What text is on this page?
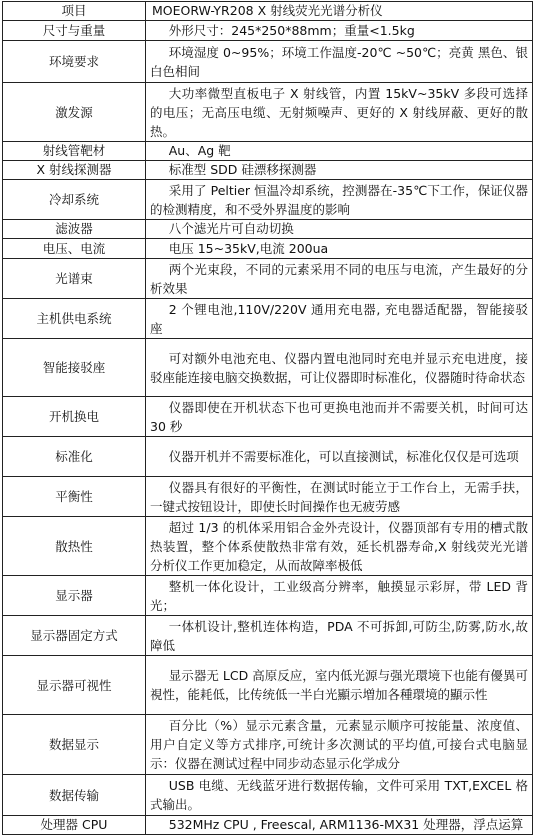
项目	MOEORW-YR208 X 射线荧光光谱分析仪
尺寸与重量	外形尺寸：245*250*88mm；重量<1.5kg
环境要求	环境湿度 0~95%；环境工作温度-20℃ ~50℃；亮黄 黑色、银白色相间
激发源	大功率微型直板电子 X 射线管，内置 15kV~35kV 多段可选择的电压；无高压电缆、无射频噪声、更好的 X 射线屏蔽、更好的散热。
射线管靶材	Au、Ag 靶
X 射线探测器	标准型 SDD 硅漂移探测器
冷却系统	采用了 Peltier 恒温冷却系统，控测器在-35℃下工作，保证仪器的检测精度，和不受外界温度的影响
滤波器	八个滤光片可自动切换
电压、电流	电压 15~35kV,电流 200ua
光谱束	两个光束段，不同的元素采用不同的电压与电流，产生最好的分析效果
主机供电系统	2 个锂电池,110V/220V 通用充电器, 充电器适配器，智能接驳座
智能接驳座	可对额外电池充电、仪器内置电池同时充电并显示充电进度，接驳座能连接电脑交换数据，可让仪器即时标准化，仪器随时待命状态
开机换电	仪器即使在开机状态下也可更换电池而并不需要关机，时间可达 30 秒
标准化	仪器开机并不需要标准化，可以直接测试，标准化仅仅是可选项
平衡性	仪器具有很好的平衡性，在测试时能立于工作台上，无需手扶，一键式按钮设计，即使长时间操作也无疲劳感
散热性	超过 1/3 的机体采用铝合金外壳设计，仪器顶部有专用的槽式散热装置，整个体系使散热非常有效，延长机器寿命,X 射线荧光光谱分析仪工作更加稳定，从而故障率极低
显示器	整机一体化设计，工业级高分辨率，触摸显示彩屏，带 LED 背光；
显示器固定方式	一体机设计,整机连体构造，PDA 不可拆卸,可防尘,防雾,防水,故障低
显示器可视性	显示器无 LCD 高原反应，室内低光源与强光環境下也能有優異可視性，能耗低，比传统低一半白光顯示増加各種環境的顯示性
数据显示	百分比（%）显示元素含量，元素显示顺序可按能量、浓度值、用户自定义等方式排序,可统计多次测试的平均值,可接台式电脑显示：仪器在测试过程中同步动态显示化学成分
数据传输	USB 电缆、无线蓝牙进行数据传输，文件可采用 TXT,EXCEL 格式输出。
处理器 CPU	532MHz CPU , Freescal, ARM1136-MX31 处理器，浮点运算
